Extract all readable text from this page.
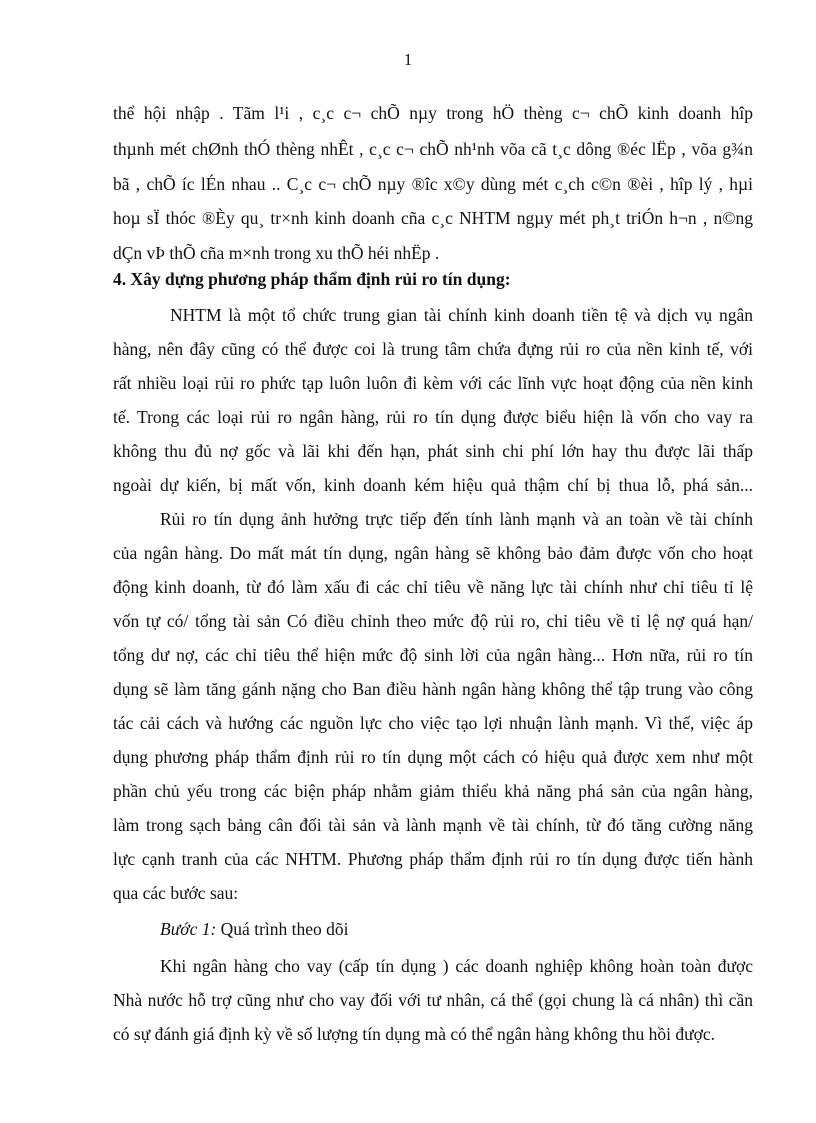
1
thể hội nhập . Tãm l¹i , c¸c c¬ chÕ nµy trong hÖ thèng c¬ chÕ kinh doanh hîp
thµnh mét chØnh thÓ thèng nhÊt , c¸c c¬ chÕ nh¹nh võa cã t¸c dông ®éc lËp , võa g¾n
bã , chÕ íc lÉn nhau .. C¸c c¬ chÕ nµy ®îc x©y dùng mét c¸ch c©n ®èi , hîp lý , hµi
hoµ sÏ thóc ®Èy qu¸ tr×nh kinh doanh cña c¸c NHTM ngµy mét ph¸t triÓn h¬n , n©ng
dÇn vÞ thÕ cña m×nh trong xu thÕ héi nhËp .
4. Xây dựng phương pháp thẩm định rủi ro tín dụng:
NHTM là một tổ chức trung gian tài chính kinh doanh tiền tệ và dịch vụ ngân
hàng, nên đây cũng có thể được coi là trung tâm chứa đựng rủi ro của nền kinh tế, với
rất nhiều loại rủi ro phức tạp luôn luôn đi kèm với các lĩnh vực hoạt động của nền kinh
tế. Trong các loại rủi ro ngân hàng, rủi ro tín dụng được biểu hiện là vốn cho vay ra
không thu đủ nợ gốc và lãi khi đến hạn, phát sinh chi phí lớn hay thu được lãi thấp
ngoài dự kiến, bị mất vốn, kinh doanh kém hiệu quả thậm chí bị thua lỗ, phá sản...
Rủi ro tín dụng ảnh hưởng trực tiếp đến tính lành mạnh và an toàn về tài chính
của ngân hàng. Do mất mát tín dụng, ngân hàng sẽ không bảo đảm được vốn cho hoạt
động kinh doanh, từ đó làm xấu đi các chỉ tiêu về năng lực tài chính như chỉ tiêu tỉ lệ
vốn tự có/ tổng tài sản Có điều chỉnh theo mức độ rủi ro, chỉ tiêu về tỉ lệ nợ quá hạn/
tổng dư nợ, các chỉ tiêu thể hiện mức độ sinh lời của ngân hàng... Hơn nữa, rủi ro tín
dụng sẽ làm tăng gánh nặng cho Ban điều hành ngân hàng không thể tập trung vào công
tác cải cách và hướng các nguồn lực cho việc tạo lợi nhuận lành mạnh. Vì thế, việc áp
dụng phương pháp thẩm định rủi ro tín dụng một cách có hiệu quả được xem như một
phần chủ yếu trong các biện pháp nhằm giảm thiểu khả năng phá sản của ngân hàng,
làm trong sạch bảng cân đối tài sản và lành mạnh về tài chính, từ đó tăng cường năng
lực cạnh tranh của các NHTM. Phương pháp thẩm định rủi ro tín dụng được tiến hành
qua các bước sau:
Bước 1: Quá trình theo dõi
Khi ngân hàng cho vay (cấp tín dụng ) các doanh nghiệp không hoàn toàn được
Nhà nước hỗ trợ cũng như cho vay đối với tư nhân, cá thể (gọi chung là cá nhân) thì cần
có sự đánh giá định kỳ về số lượng tín dụng mà có thể ngân hàng không thu hồi được.
